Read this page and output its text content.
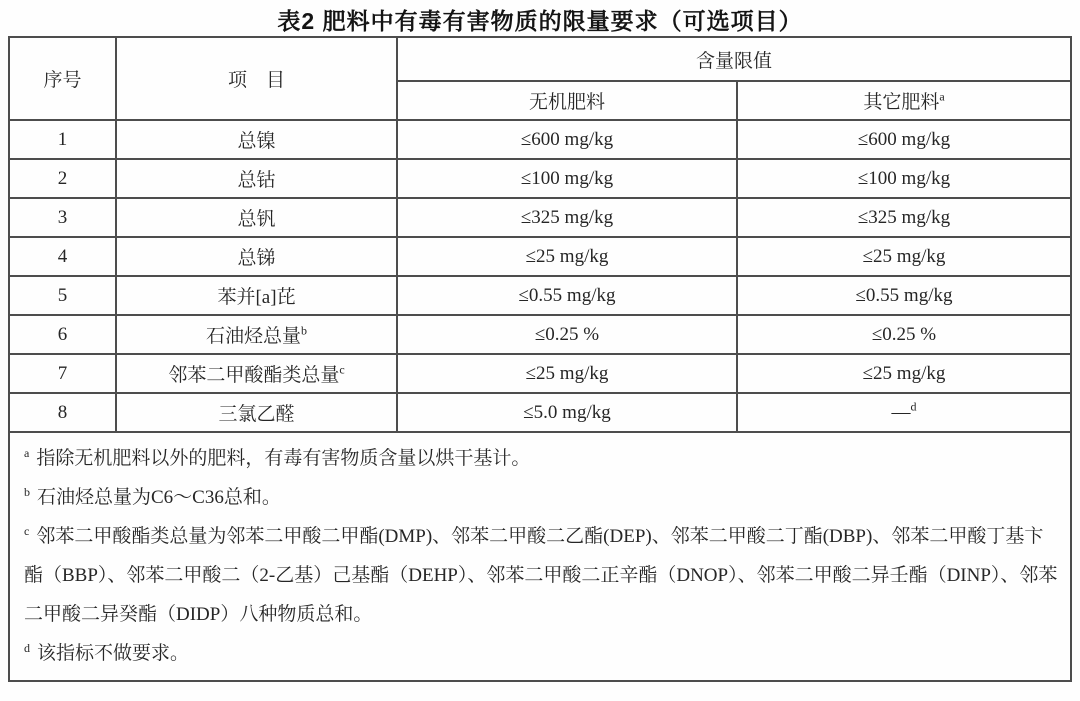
表2 肥料中有毒有害物质的限量要求（可选项目）
序号	项　目	含量限值	
		无机肥料	其它肥料$^a$
1	总镍	≤600 mg/kg	≤600 mg/kg
2	总钴	≤100 mg/kg	≤100 mg/kg
3	总钒	≤325 mg/kg	≤325 mg/kg
4	总锑	≤25 mg/kg	≤25 mg/kg
5	苯并[a]芘	≤0.55 mg/kg	≤0.55 mg/kg
6	石油烃总量$^b$	≤0.25 %	≤0.25 %
7	邻苯二甲酸酯类总量$^c$	≤25 mg/kg	≤25 mg/kg
8	三氯乙醛	≤5.0 mg/kg	—$^d$

$^a$ 指除无机肥料以外的肥料，有毒有害物质含量以烘干基计。
$^b$ 石油烃总量为C6～C36总和。
$^c$ 邻苯二甲酸酯类总量为邻苯二甲酸二甲酯(DMP)、邻苯二甲酸二乙酯(DEP)、邻苯二甲酸二丁酯(DBP)、邻苯二甲酸丁基卞酯（BBP）、邻苯二甲酸二（2-乙基）己基酯（DEHP）、邻苯二甲酸二正辛酯（DNOP）、邻苯二甲酸二异壬酯（DINP）、邻苯二甲酸二异癸酯（DIDP）八种物质总和。
$^d$ 该指标不做要求。			
